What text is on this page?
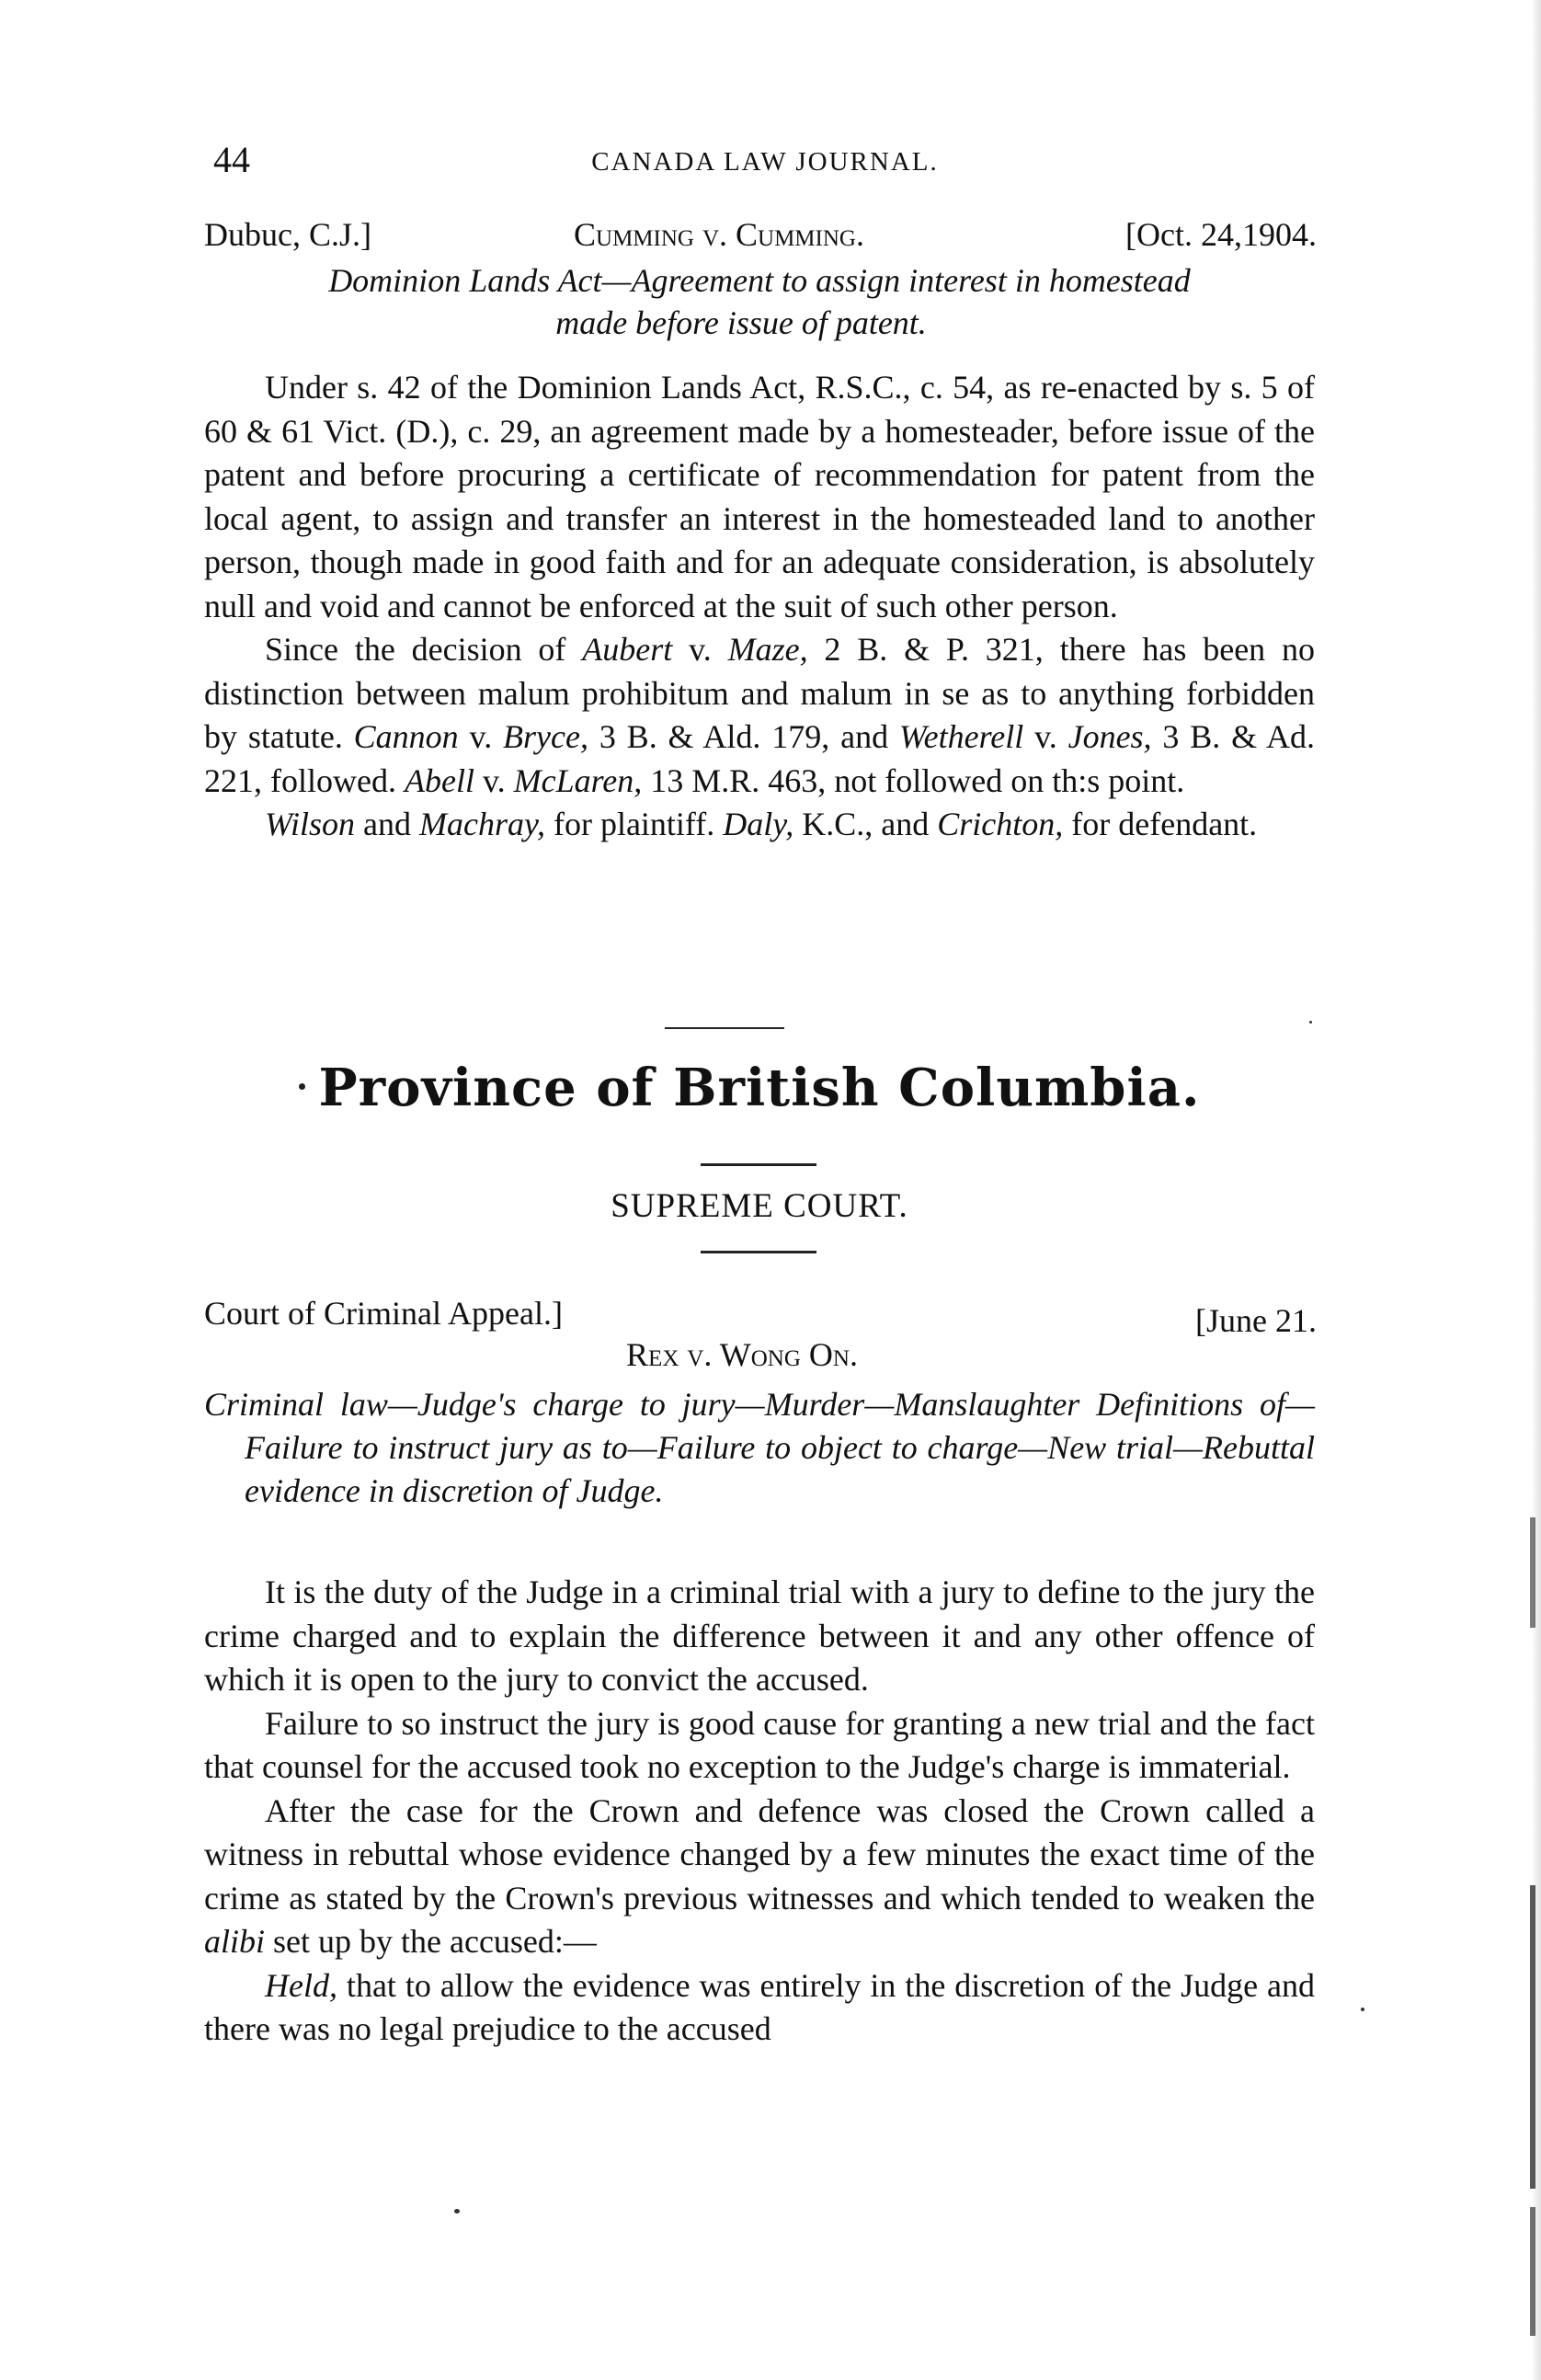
44	CANADA LAW JOURNAL.
Dubuc, C.J.]	Cumming v. Cumming.	[Oct. 24,1904.
Dominion Lands Act—Agreement to assign interest in homestead
made before issue of patent.

Under s. 42 of the Dominion Lands Act, R.S.C., c. 54, as re-enacted by s. 5 of 60 & 61 Vict. (D.), c. 29, an agreement made by a homesteader, before issue of the patent and before procuring a certificate of recommendation for patent from the local agent, to assign and transfer an interest in the homesteaded land to another person, though made in good faith and for an adequate consideration, is absolutely null and void and cannot be enforced at the suit of such other person.

Since the decision of Aubert v. Maze, 2 B. & P. 321, there has been no distinction between malum prohibitum and malum in se as to anything forbidden by statute. Cannon v. Bryce, 3 B. & Ald. 179, and Wetherell v. Jones, 3 B. & Ad. 221, followed. Abell v. McLaren, 13 M.R. 463, not followed on th:s point.

Wilson and Machray, for plaintiff. Daly, K.C., and Crichton, for defendant.

Province of British Columbia.
SUPREME COURT.
Court of Criminal Appeal.]	[June 21.
Rex v. Wong On.
Criminal law—Judge's charge to jury—Murder—Manslaughter Definitions of—Failure to instruct jury as to—Failure to object to charge—New trial—Rebuttal evidence in discretion of Judge.

It is the duty of the Judge in a criminal trial with a jury to define to the jury the crime charged and to explain the difference between it and any other offence of which it is open to the jury to convict the accused.

Failure to so instruct the jury is good cause for granting a new trial and the fact that counsel for the accused took no exception to the Judge's charge is immaterial.

After the case for the Crown and defence was closed the Crown called a witness in rebuttal whose evidence changed by a few minutes the exact time of the crime as stated by the Crown's previous witnesses and which tended to weaken the alibi set up by the accused:—

Held, that to allow the evidence was entirely in the discretion of the Judge and there was no legal prejudice to the accused
